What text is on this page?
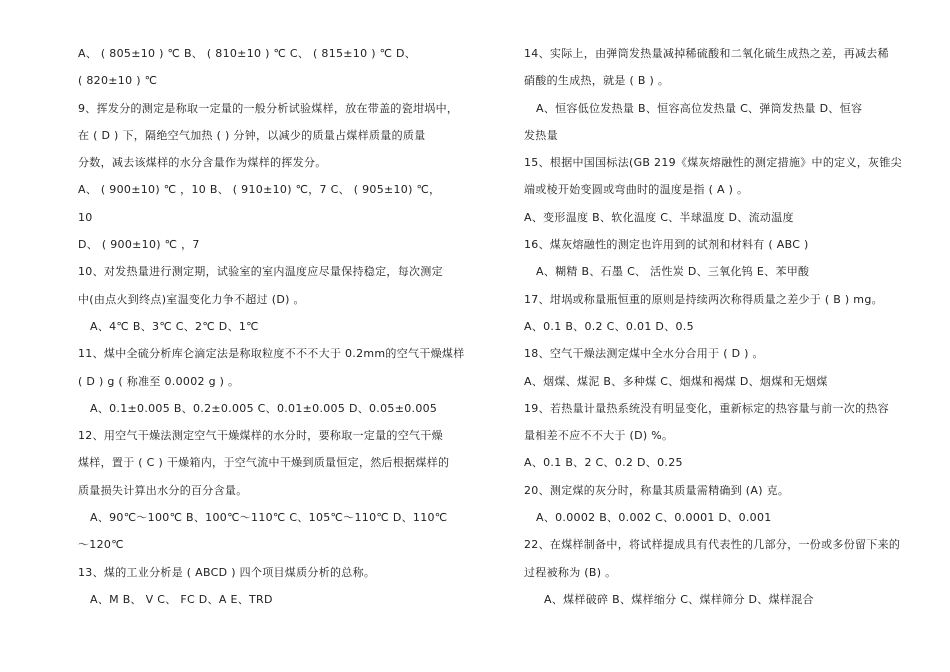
A、 ( 805±10 ) ℃ B、 ( 810±10 ) ℃ C、 ( 815±10 ) ℃ D、
( 820±10 ) ℃
9、挥发分的测定是称取一定量的一般分析试验煤样，放在带盖的瓷坩埚中，
在 ( D ) 下，隔绝空气加热 ( ) 分钟，以减少的质量占煤样质量的质量
分数，减去该煤样的水分含量作为煤样的挥发分。
A、 ( 900±10) ℃ ，10 B、 ( 910±10) ℃，7 C、 ( 905±10) ℃，
10
D、 ( 900±10) ℃ ，7
10、对发热量进行测定期，试验室的室内温度应尽量保持稳定，每次测定
中(由点火到终点)室温变化力争不超过 (D) 。
A、4℃ B、3℃ C、2℃ D、1℃
11、煤中全硫分析库仑滴定法是称取粒度不不不大于 0.2mm的空气干燥煤样
( D ) g ( 称准至 0.0002 g ) 。
A、0.1±0.005 B、0.2±0.005 C、0.01±0.005 D、0.05±0.005
12、用空气干燥法测定空气干燥煤样的水分时，要称取一定量的空气干燥
煤样，置于 ( C ) 干燥箱内，于空气流中干燥到质量恒定，然后根据煤样的
质量损失计算出水分的百分含量。
A、90℃～100℃ B、100℃～110℃ C、105℃～110℃ D、110℃
～120℃
13、煤的工业分析是 ( ABCD ) 四个项目煤质分析的总称。
A、M B、 V C、 FC D、A E、TRD
14、实际上，由弹筒发热量减掉稀硫酸和二氧化硫生成热之差，再减去稀
硝酸的生成热，就是 ( B ) 。
A、恒容低位发热量 B、恒容高位发热量 C、弹筒发热量 D、恒容
发热量
15、根据中国国标法(GB 219《煤灰熔融性的测定措施》中的定义，灰锥尖
端或棱开始变圆或弯曲时的温度是指 ( A ) 。
A、变形温度 B、软化温度 C、半球温度 D、流动温度
16、煤灰熔融性的测定也许用到的试剂和材料有 ( ABC )
A、糊精 B、石墨 C、 活性炭 D、三氧化钨 E、苯甲酸
17、坩埚或称量瓶恒重的原则是持续两次称得质量之差少于 ( B ) mg。
A、0.1 B、0.2 C、0.01 D、0.5
18、空气干燥法测定煤中全水分合用于 ( D ) 。
A、烟煤、煤泥 B、多种煤 C、烟煤和褐煤 D、烟煤和无烟煤
19、若热量计量热系统没有明显变化，重新标定的热容量与前一次的热容
量相差不应不不大于 (D) %。
A、0.1 B、2 C、0.2 D、0.25
20、测定煤的灰分时，称量其质量需精确到 (A) 克。
A、0.0002 B、0.002 C、0.0001 D、0.001
22、在煤样制备中，将试样提成具有代表性的几部分，一份或多份留下来的
过程被称为 (B) 。
A、煤样破碎 B、煤样缩分 C、煤样筛分 D、煤样混合
